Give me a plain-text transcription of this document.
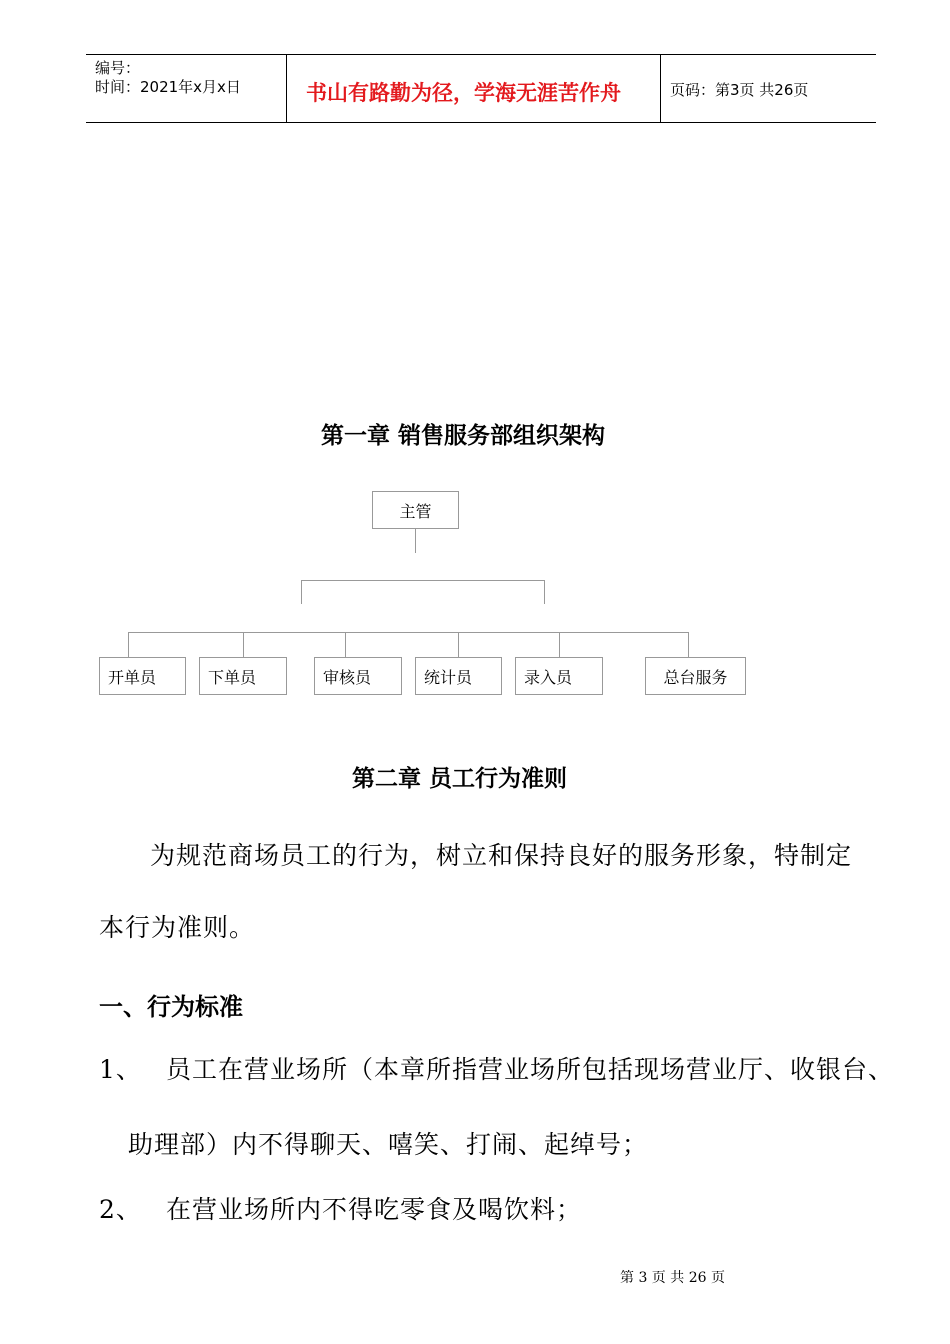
编号：
时间：2021年x月x日	书山有路勤为径，学海无涯苦作舟	页码：第3页 共26页
第一章 销售服务部组织架构
主管
开单员	下单员	审核员	统计员	录入员	总台服务
第二章 员工行为准则
为规范商场员工的行为，树立和保持良好的服务形象，特制定
本行为准则。
一、行为标准
1、 员工在营业场所（本章所指营业场所包括现场营业厅、收银台、
助理部）内不得聊天、嘻笑、打闹、起绰号；
2、 在营业场所内不得吃零食及喝饮料；
第 3 页 共 26 页
